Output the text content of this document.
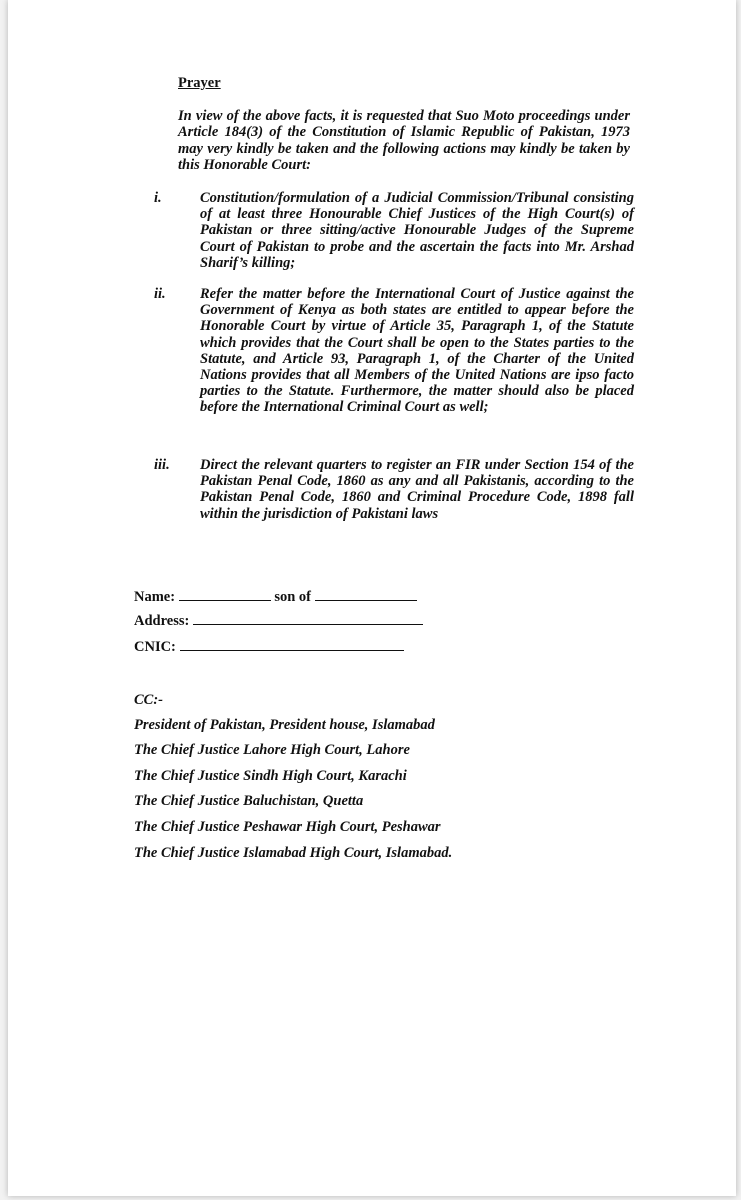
Prayer
In view of the above facts, it is requested that Suo Moto proceedings under Article 184(3) of the Constitution of Islamic Republic of Pakistan, 1973 may very kindly be taken and the following actions may kindly be taken by this Honorable Court:
i.	Constitution/formulation of a Judicial Commission/Tribunal consisting of at least three Honourable Chief Justices of the High Court(s) of Pakistan or three sitting/active Honourable Judges of the Supreme Court of Pakistan to probe and the ascertain the facts into Mr. Arshad Sharif’s killing;
ii. Refer the matter before the International Court of Justice against the Government of Kenya as both states are entitled to appear before the Honorable Court by virtue of Article 35, Paragraph 1, of the Statute which provides that the Court shall be open to the States parties to the Statute, and Article 93, Paragraph 1, of the Charter of the United Nations provides that all Members of the United Nations are ipso facto parties to the Statute. Furthermore, the matter should also be placed before the International Criminal Court as well;
iii. Direct the relevant quarters to register an FIR under Section 154 of the Pakistan Penal Code, 1860 as any and all Pakistanis, according to the Pakistan Penal Code, 1860 and Criminal Procedure Code, 1898 fall within the jurisdiction of Pakistani laws
Name:	son of
Address:
CNIC:
CC:-
President of Pakistan, President house, Islamabad
The Chief Justice Lahore High Court, Lahore
The Chief Justice Sindh High Court, Karachi
The Chief Justice Baluchistan, Quetta
The Chief Justice Peshawar High Court, Peshawar
The Chief Justice Islamabad High Court, Islamabad.
